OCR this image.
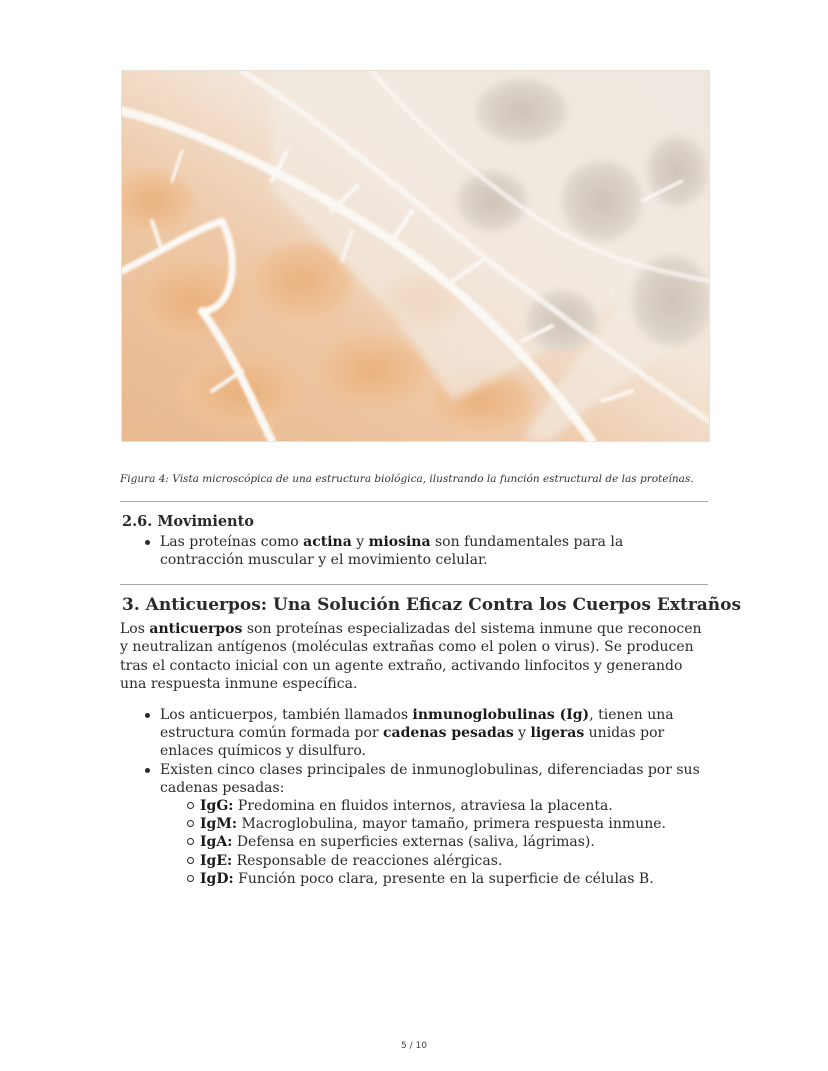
Figura 4: Vista microscópica de una estructura biológica, ilustrando la función estructural de las proteínas.
2.6. Movimiento
Las proteínas como actina y miosina son fundamentales para la contracción muscular y el movimiento celular.
3. Anticuerpos: Una Solución Eficaz Contra los Cuerpos Extraños

Los anticuerpos son proteínas especializadas del sistema inmune que reconocen y neutralizan antígenos (moléculas extrañas como el polen o virus). Se producen tras el contacto inicial con un agente extraño, activando linfocitos y generando una respuesta inmune específica.

Los anticuerpos, también llamados inmunoglobulinas (Ig), tienen una estructura común formada por cadenas pesadas y ligeras unidas por enlaces químicos y disulfuro.
Existen cinco clases principales de inmunoglobulinas, diferenciadas por sus cadenas pesadas:
IgG: Predomina en fluidos internos, atraviesa la placenta.
IgM: Macroglobulina, mayor tamaño, primera respuesta inmune.
IgA: Defensa en superficies externas (saliva, lágrimas).
IgE: Responsable de reacciones alérgicas.
IgD: Función poco clara, presente en la superficie de células B.
5 / 10
